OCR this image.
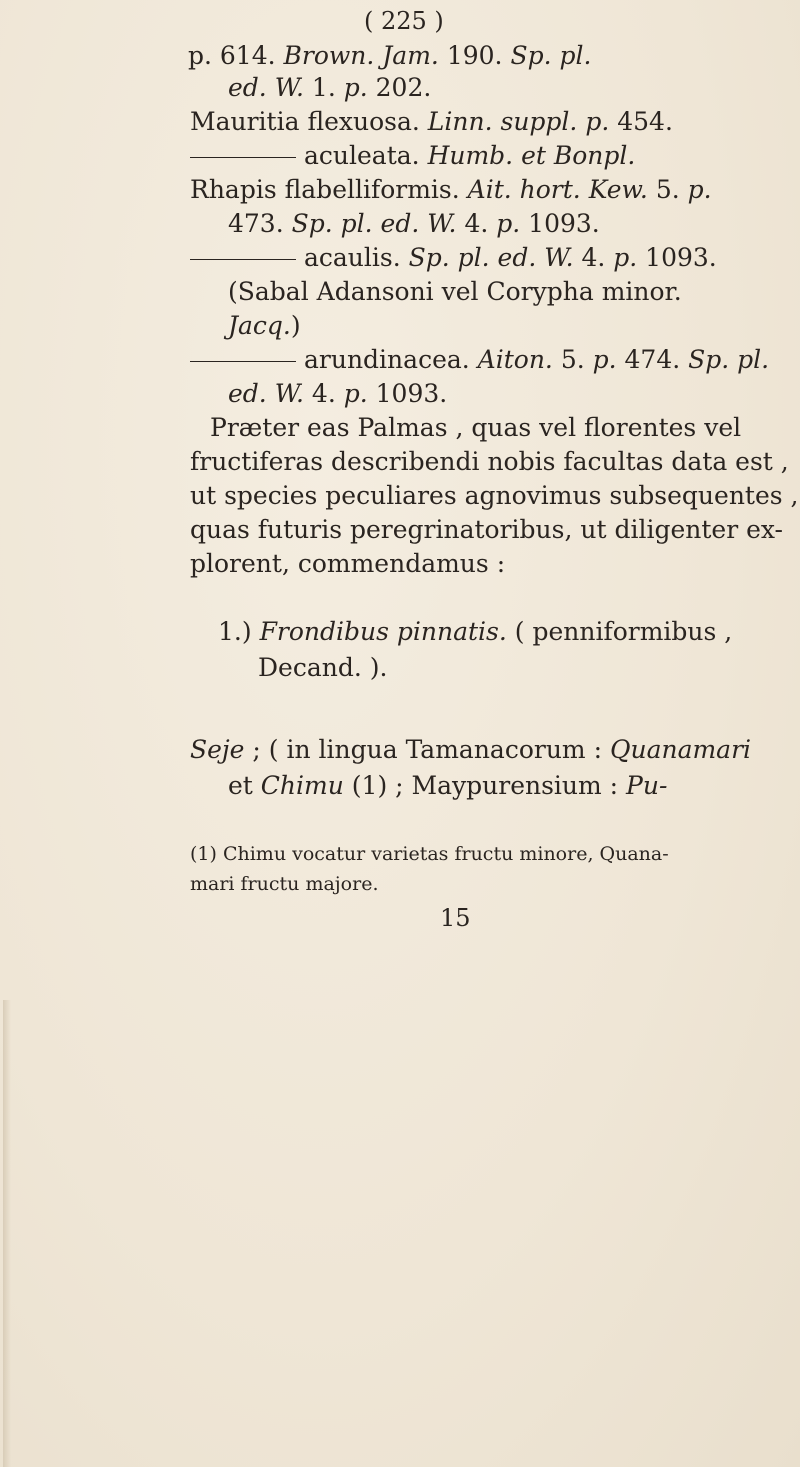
( 225 )
p. 614. Brown. Jam. 190. Sp. pl.
ed. W. 1. p. 202.
Mauritia flexuosa. Linn. suppl. p. 454.
aculeata. Humb. et Bonpl.
Rhapis flabelliformis. Ait. hort. Kew. 5. p.
473. Sp. pl. ed. W. 4. p. 1093.
acaulis. Sp. pl. ed. W. 4. p. 1093.
(Sabal Adansoni vel Corypha minor.
Jacq.)
arundinacea. Aiton. 5. p. 474. Sp. pl.
ed. W. 4. p. 1093.
Præter eas Palmas , quas vel florentes vel
fructiferas describendi nobis facultas data est ,
ut species peculiares agnovimus subsequentes ,
quas futuris peregrinatoribus, ut diligenter ex-
plorent, commendamus :
1.) Frondibus pinnatis. ( penniformibus ,
Decand. ).
Seje ; ( in lingua Tamanacorum : Quanamari
et Chimu (1) ; Maypurensium : Pu-
(1) Chimu vocatur varietas fructu minore, Quana-
mari fructu majore.
15
